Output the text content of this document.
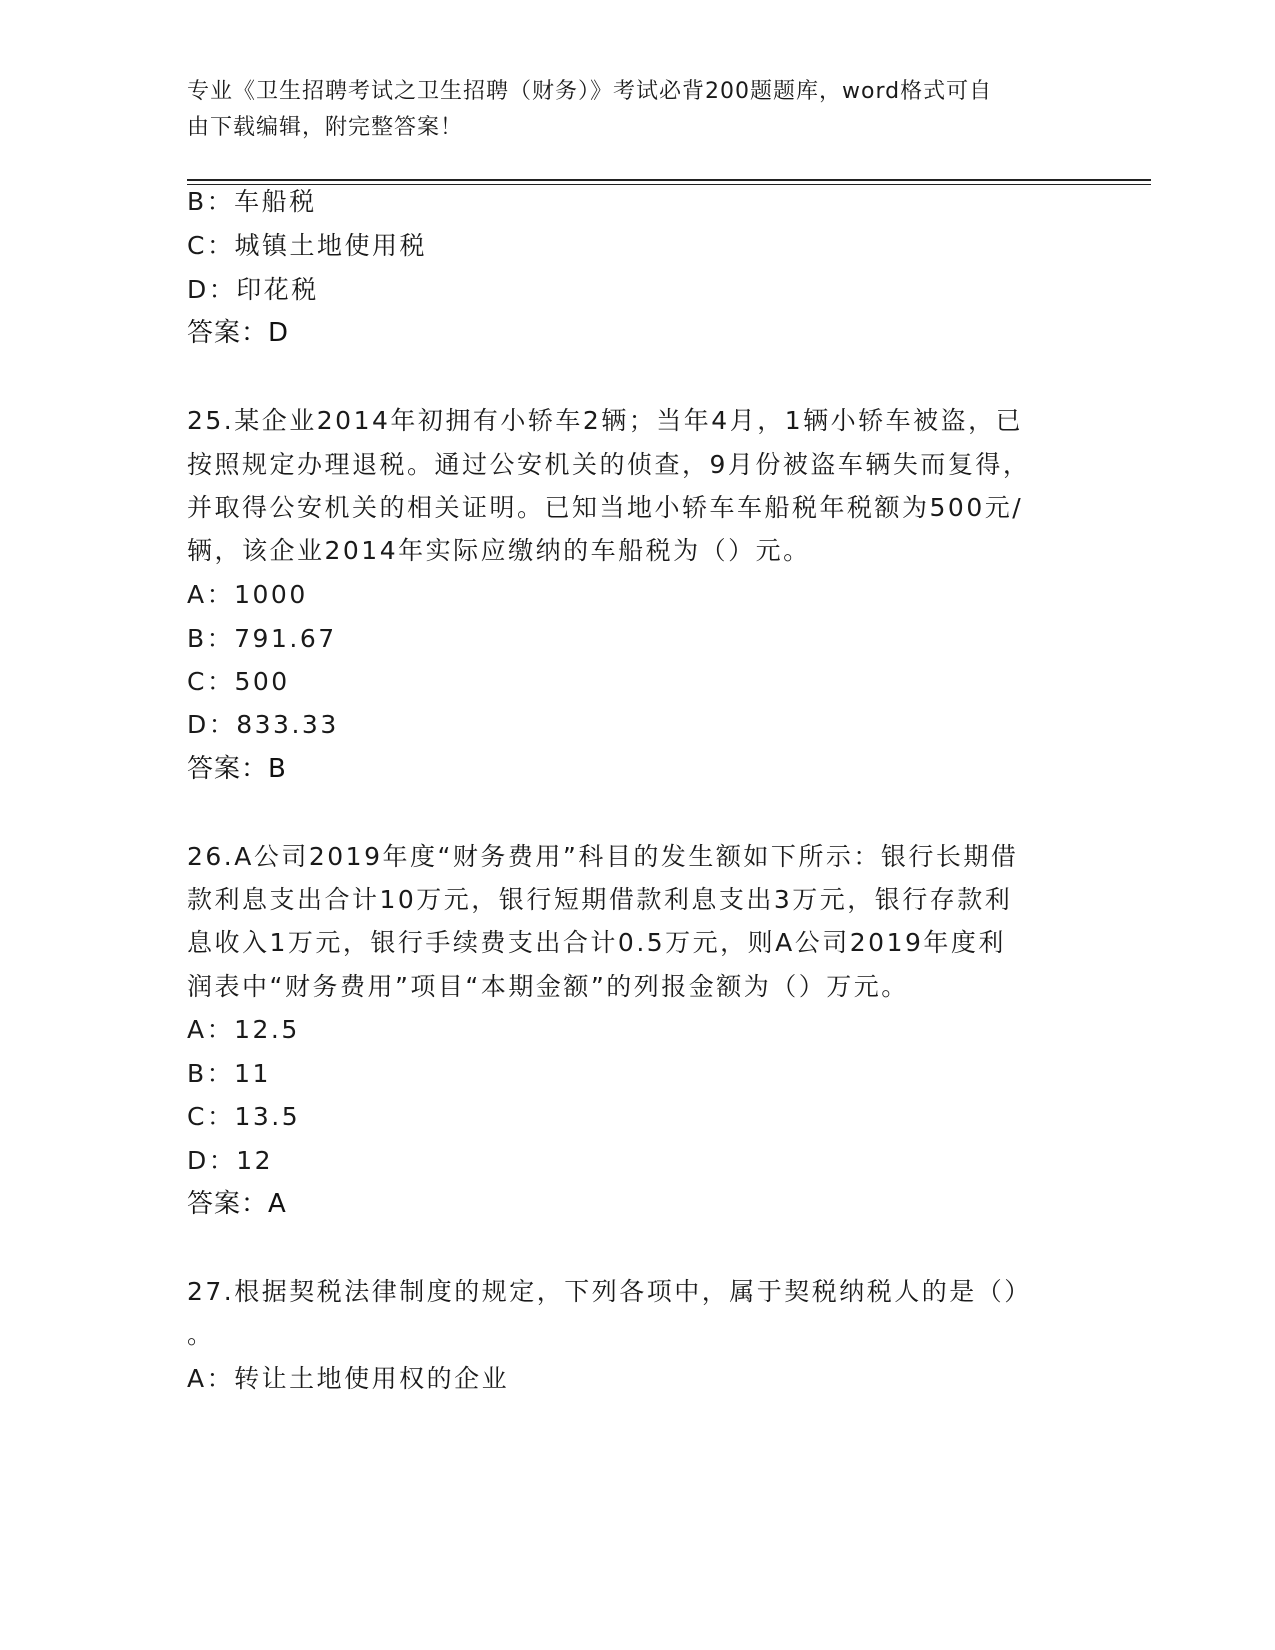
专业《卫生招聘考试之卫生招聘（财务）》考试必背200题题库，word格式可自
由下载编辑，附完整答案！
B：车船税
C：城镇土地使用税
D：印花税
答案：D
25.某企业2014年初拥有小轿车2辆；当年4月，1辆小轿车被盗，已
按照规定办理退税。通过公安机关的侦查，9月份被盗车辆失而复得，
并取得公安机关的相关证明。已知当地小轿车车船税年税额为500元/
辆，该企业2014年实际应缴纳的车船税为（）元。
A：1000
B：791.67
C：500
D：833.33
答案：B
26.A公司2019年度“财务费用”科目的发生额如下所示：银行长期借
款利息支出合计10万元，银行短期借款利息支出3万元，银行存款利
息收入1万元，银行手续费支出合计0.5万元，则A公司2019年度利
润表中“财务费用”项目“本期金额”的列报金额为（）万元。
A：12.5
B：11
C：13.5
D：12
答案：A
27.根据契税法律制度的规定，下列各项中，属于契税纳税人的是（）
。
A：转让土地使用权的企业
